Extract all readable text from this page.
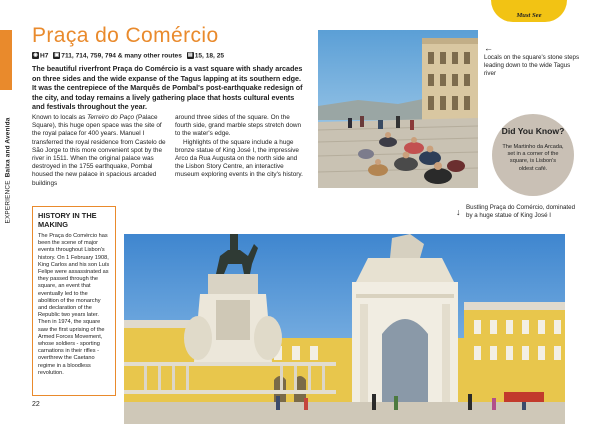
EXPERIENCEBaixa and Avenida
Must See
Praça do Comércio
◉ H7 ▣ 711, 714, 759, 794 & many other routes ▤ 15, 18, 25

The beautiful riverfront Praça do Comércio is a vast square with shady arcades on three sides and the wide expanse of the Tagus lapping at its southern edge. It was the centrepiece of the Marquês de Pombal's post-earthquake redesign of the city, and today remains a lively gathering place that hosts cultural events and festivals throughout the year.

Known to locals as Terreiro do Paço (Palace Square), this huge open space was the site of the royal palace for 400 years. Manuel I transferred the royal residence from Castelo de São Jorge to this more convenient spot by the river in 1511. When the original palace was destroyed in the 1755 earthquake, Pombal housed the new palace in spacious arcaded buildings

around three sides of the square. On the fourth side, grand marble steps stretch down to the water's edge.

Highlights of the square include a huge bronze statue of King José I, the impressive Arco da Rua Augusta on the north side and the Lisbon Story Centre, an interactive museum exploring events in the city's history.

HISTORY IN THE MAKING

The Praça do Comércio has been the scene of major events throughout Lisbon's history. On 1 February 1908, King Carlos and his son Luís Felipe were assassinated as they passed through the square, an event that eventually led to the abolition of the monarchy and declaration of the Republic two years later. Then in 1974, the square saw the first uprising of the Armed Forces Movement, whose soldiers - sporting carnations in their rifles - overthrew the Caetano regime in a bloodless revolution.

22
←
Locals on the square's stone steps leading down to the wide Tagus river
Did You Know?

The Martinho da Arcada, set in a corner of the square, is Lisbon's oldest café.

↓ Bustling Praça do Comércio, dominated by a huge statue of King José I
